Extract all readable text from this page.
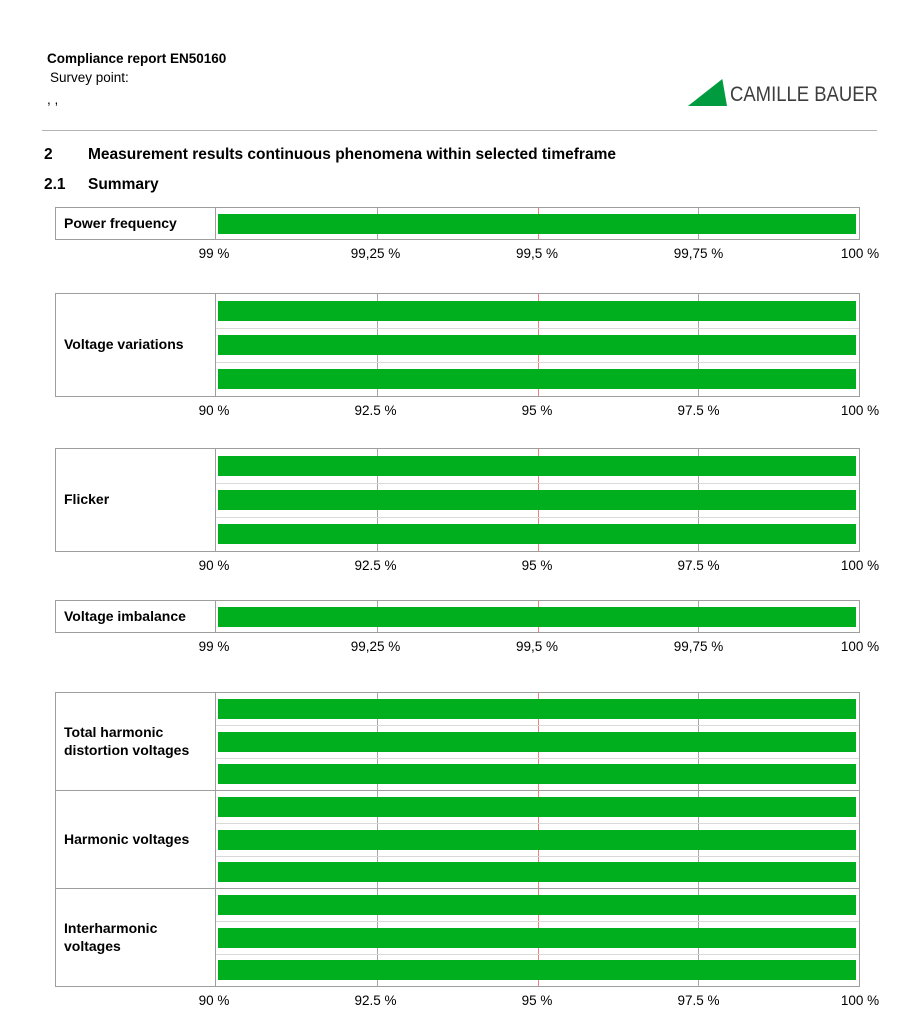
Compliance report EN50160
Survey point:
, ,	CAMILLE BAUER
2 Measurement results continuous phenomena within selected timeframe
2.1 Summary
Power frequency
99 %	99,25 %	99,5 %	99,75 %	100 %
Voltage variations
90 %	92.5 %	95 %	97.5 %	100 %
Flicker
90 %	92.5 %	95 %	97.5 %	100 %
Voltage imbalance
99 %	99,25 %	99,5 %	99,75 %	100 %
Total harmonic distortion voltages
Harmonic voltages
Interharmonic voltages
90 %	92.5 %	95 %	97.5 %	100 %
